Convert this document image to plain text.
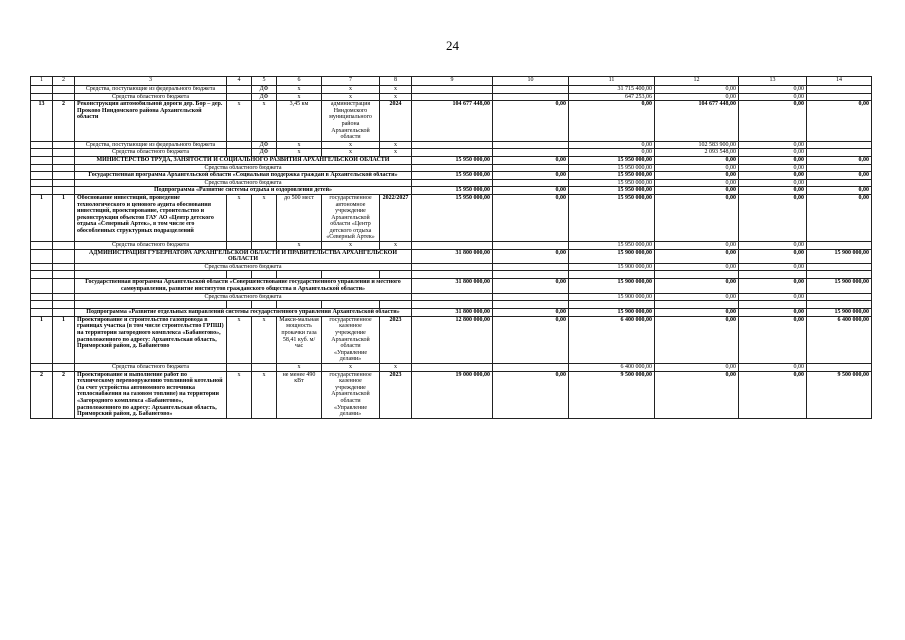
24
1	2	3	4	5	6	7	8	9	10	11	12	13	14
		Средства, поступающие из федерального бюджета		ДФ	х	х	х			31 715 400,00	0,00	0,00	
		Средства областного бюджета		ДФ	х	х	х			647 253,06	0,00	0,00	
13	2	Реконструкция автомобильной дороги дер. Бор – дер. Проково Няндомского района Архангельской области	х	х	3,45 км	администрация Няндомского муниципального района Архангельской области	2024	104 677 448,00	0,00	0,00	104 677 448,00	0,00	0,00
		Средства, поступающие из федерального бюджета		ДФ	х	х	х			0,00	102 583 900,00	0,00	
		Средства областного бюджета		ДФ	х	х	х			0,00	2 093 548,00	0,00	
		МИНИСТЕРСТВО ТРУДА, ЗАНЯТОСТИ И СОЦИАЛЬНОГО РАЗВИТИЯ АРХАНГЕЛЬСКОЙ ОБЛАСТИ						15 950 000,00	0,00	15 950 000,00	0,00	0,00	0,00
		Средства областного бюджета								15 950 000,00	0,00	0,00	
		Государственная программа Архангельской области «Социальная поддержка граждан в Архангельской области»						15 950 000,00	0,00	15 950 000,00	0,00	0,00	0,00
		Средства областного бюджета								15 950 000,00	0,00	0,00	
		Подпрограмма «Развитие системы отдыха и оздоровления детей»						15 950 000,00	0,00	15 950 000,00	0,00	0,00	0,00
1	1	Обоснование инвестиций, проведение технологического и ценового аудита обоснования инвестиций, проектирование, строительство и реконструкция объектов ГАУ АО «Центр детского отдыха «Северный Артек», в том числе его обособленных структурных подразделений	х	х	до 500 мест	государственное автономное учреждение Архангельской области «Центр детского отдыха «Северный Артек»	2022/2027	15 950 000,00	0,00	15 950 000,00	0,00	0,00	0,00
		Средства областного бюджета			х	х	х			15 950 000,00	0,00	0,00	
		АДМИНИСТРАЦИЯ ГУБЕРНАТОРА АРХАНГЕЛЬСКОЙ ОБЛАСТИ И ПРАВИТЕЛЬСТВА АРХАНГЕЛЬСКОЙ ОБЛАСТИ						31 800 000,00	0,00	15 900 000,00	0,00	0,00	15 900 000,00
		Средства областного бюджета								15 900 000,00	0,00	0,00	

		Государственная программа Архангельской области «Совершенствование государственного управления и местного самоуправления, развитие институтов гражданского общества в Архангельской области»						31 800 000,00	0,00	15 900 000,00	0,00	0,00	15 900 000,00
		Средства областного бюджета								15 900 000,00	0,00	0,00	

		Подпрограмма «Развитие отдельных направлений системы государственного управления Архангельской области»						31 800 000,00	0,00	15 900 000,00	0,00	0,00	15 900 000,00
1	1	Проектирование и строительство газопровода в границах участка (в том числе строительство ГРПШ) на территории загородного комплекса «Бабанегово», расположенного по адресу: Архангельская область, Приморский район, д. Бабанегово	х	х	Макси-мальная мощность прокачки газа 58,41 куб. м/час	государственное казенное учреждение Архангельской области «Управление делами»	2023	12 800 000,00	0,00	6 400 000,00	0,00	0,00	6 400 000,00
		Средства областного бюджета			х	х	х			6 400 000,00	0,00	0,00	
2	2	Проектирование и выполнение работ по техническому перевооружению топливной котельной (за счет устройства автономного источника теплоснабжения на газовом топливе) на территории «Загородного комплекса «Бабанегово», расположенного по адресу: Архангельская область, Приморский район, д. Бабанегово»	х	х	не менее 490 кВт	государственное казенное учреждение Архангельской области «Управление делами»	2023	19 000 000,00	0,00	9 500 000,00	0,00	0,00	9 500 000,00
